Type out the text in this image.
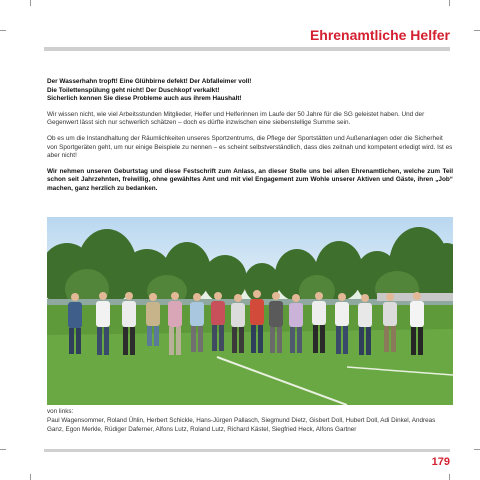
Ehrenamtliche Helfer

Der Wasserhahn tropft! Eine Glühbirne defekt! Der Abfalleimer voll!
Die Toilettenspülung geht nicht! Der Duschkopf verkalkt!
Sicherlich kennen Sie diese Probleme auch aus ihrem Haushalt!

Wir wissen nicht, wie viel Arbeitsstunden Mitglieder, Helfer und Helferinnen im Laufe der 50 Jahre für die SG geleistet haben. Und der Gegenwert lässt sich nur schwerlich schätzen – doch es dürfte inzwischen eine siebenstellige Summe sein.

Ob es um die Instandhaltung der Räumlichkeiten unseres Sportzentrums, die Pflege der Sportstätten und Außenanlagen oder die Sicherheit von Sportgeräten geht, um nur einige Beispiele zu nennen – es scheint selbstverständlich, dass dies zeitnah und kompetent erledigt wird. Ist es aber nicht!

Wir nehmen unseren Geburtstag und diese Festschrift zum Anlass, an dieser Stelle uns bei allen Ehrenamtlichen, welche zum Teil schon seit Jahrzehnten, freiwillig, ohne gewähltes Amt und mit viel Engagement zum Wohle unserer Aktiven und Gäste, ihren „Job“ machen, ganz herzlich zu bedanken.

von links:
Paul Wagensommer, Roland Ühlin, Herbert Schickle, Hans-Jürgen Pallasch, Siegmund Dietz, Gisbert Doll, Hubert Doll, Adi Dinkel, Andreas Ganz, Egon Merkle, Rüdiger Daferner, Alfons Lutz, Roland Lutz, Richard Kästel, Siegfried Heck, Alfons Gartner
179
